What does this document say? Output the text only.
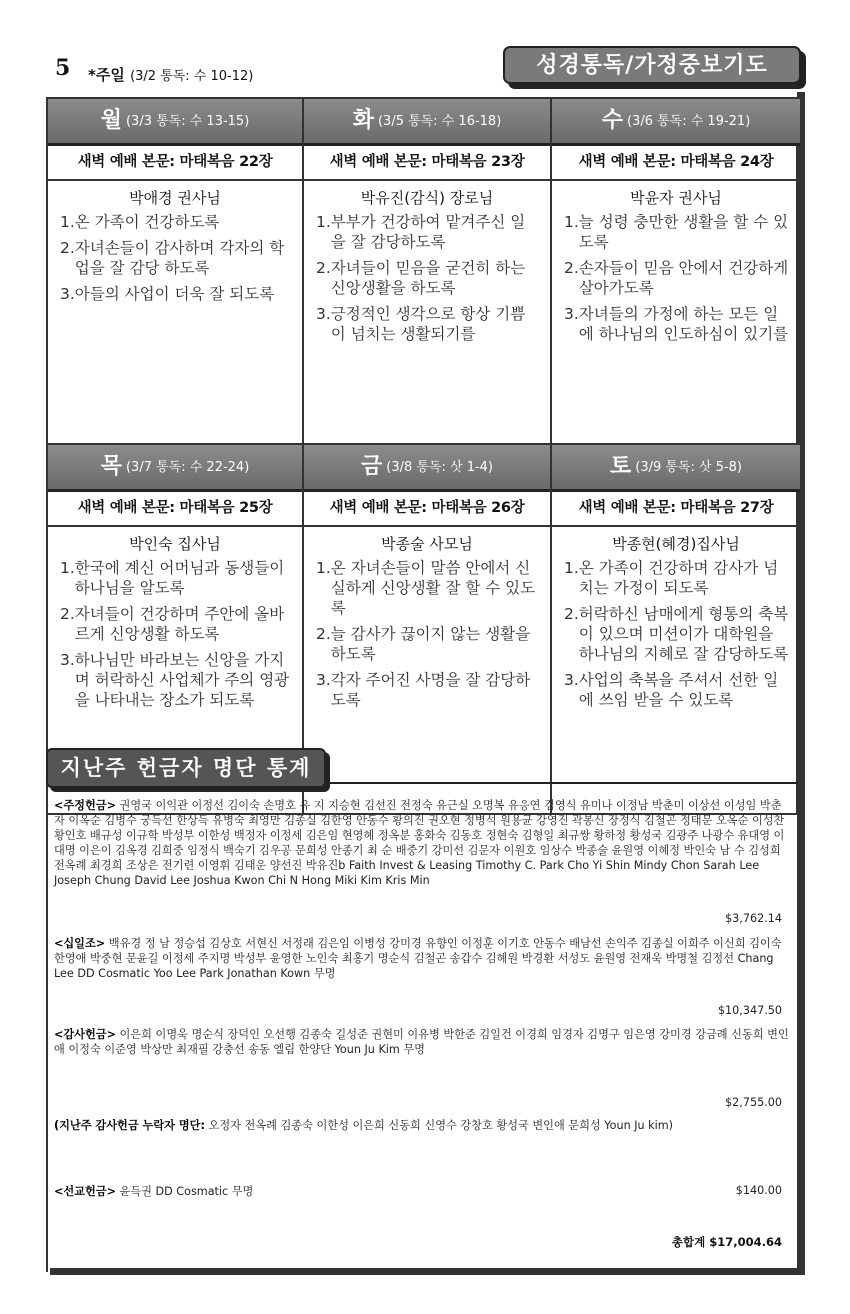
5 *주일 (3/2 통독: 수 10-12)	성경통독/가정중보기도
월 (3/3 통독: 수 13-15)
새벽 예배 본문: 마태복음 22장
박애경 권사님
1. 온 가족이 건강하도록
2. 자녀손들이 감사하며 각자의 학업을 잘 감당 하도록
3. 아들의 사업이 더욱 잘 되도록
화 (3/5 통독: 수 16-18)
새벽 예배 본문: 마태복음 23장
박유진(감식) 장로님
1. 부부가 건강하여 맡겨주신 일을 잘 감당하도록
2. 자녀들이 믿음을 굳건히 하는 신앙생활을 하도록
3. 긍정적인 생각으로 항상 기쁨이 넘치는 생활되기를
수 (3/6 통독: 수 19-21)
새벽 예배 본문: 마태복음 24장
박윤자 권사님
1. 늘 성령 충만한 생활을 할 수 있도록
2. 손자들이 믿음 안에서 건강하게 살아가도록
3. 자녀들의 가정에 하는 모든 일에 하나님의 인도하심이 있기를
목 (3/7 통독: 수 22-24)
새벽 예배 본문: 마태복음 25장
박인숙 집사님
1. 한국에 계신 어머님과 동생들이 하나님을 알도록
2. 자녀들이 건강하며 주안에 올바르게 신앙생활 하도록
3. 하나님만 바라보는 신앙을 가지며 허락하신 사업체가 주의 영광을 나타내는 장소가 되도록
금 (3/8 통독: 삿 1-4)
새벽 예배 본문: 마태복음 26장
박종술 사모님
1. 온 자녀손들이 말씀 안에서 신실하게 신앙생활 잘 할 수 있도록
2. 늘 감사가 끊이지 않는 생활을 하도록
3. 각자 주어진 사명을 잘 감당하도록
토 (3/9 통독: 삿 5-8)
새벽 예배 본문: 마태복음 27장
박종현(혜경)집사님
1. 온 가족이 건강하며 감사가 넘치는 가정이 되도록
2. 허락하신 남매에게 형통의 축복이 있으며 미션이가 대학원을 하나님의 지혜로 잘 감당하도록
3. 사업의 축복을 주셔서 선한 일에 쓰임 받을 수 있도록
지난주 헌금자 명단 통계
<주정헌금> 권영국 이익관 이정선 김이숙 손명호 유 지 지승현 김선진 전정숙 유근실 오명복 유응연 김영식 유미나 이정남 박춘미 이상선 이성임 박춘자 이옥순 김병수 궁득선 한상득 유병숙 최영만 김종실 김한영 안동수 황의진 권오현 정병석 원용균 강영진 곽봉신 장정식 김철곤 정태문 오옥순 이성찬 황인호 배규성 이규학 박성부 이한성 백정자 이정세 김은임 현영혜 정옥분 홍화숙 김동호 정현숙 김형일 최규쌍 황하정 황성국 김광주 나광수 유대영 이대명 이은이 김옥경 김희중 임정식 백숙기 김우공 문희성 안종기 최 순 배중기 강미선 김문자 이원호 임상수 박종술 윤원영 이혜정 박인숙 남 수 김성희 전옥례 최경희 조상은 전기련 이영휘 김태운 양선진 박유진b Faith Invest & Leasing Timothy C. Park Cho Yi Shin Mindy Chon Sarah Lee Joseph Chung David Lee Joshua Kwon Chi N Hong Miki Kim Kris Min
$3,762.14
<십일조> 백유경 정 남 정승섭 김상호 서현신 서정래 김은임 이병성 강미경 유향인 이정훈 이기호 안동수 배남선 손익주 김종실 이희주 이신희 김이숙 한영애 박중현 문윤길 이정세 주지명 박성부 윤영한 노인숙 최홍기 명순식 김철곤 송갑수 김혜원 박경환 서성도 윤원영 전재욱 박명철 김정선 Chang Lee DD Cosmatic Yoo Lee Park Jonathan Kown 무명
$10,347.50
<감사헌금> 이은희 이명욱 명순식 장덕인 오선행 김종숙 길성준 권현미 이유병 박한준 김일건 이경희 임경자 김명구 임은영 강미경 강금례 신동희 변인애 이정숙 이준영 박상만 최재필 강충선 송동 엘림 한양단 Youn Ju Kim 무명
$2,755.00
(지난주 감사헌금 누락자 명단: 오정자 전옥례 김종숙 이한성 이은희 신동희 신영수 강창호 황성국 변인애 문희성 Youn Ju kim)
<선교헌금> 윤득권 DD Cosmatic 무명	$140.00
총합계 $17,004.64
